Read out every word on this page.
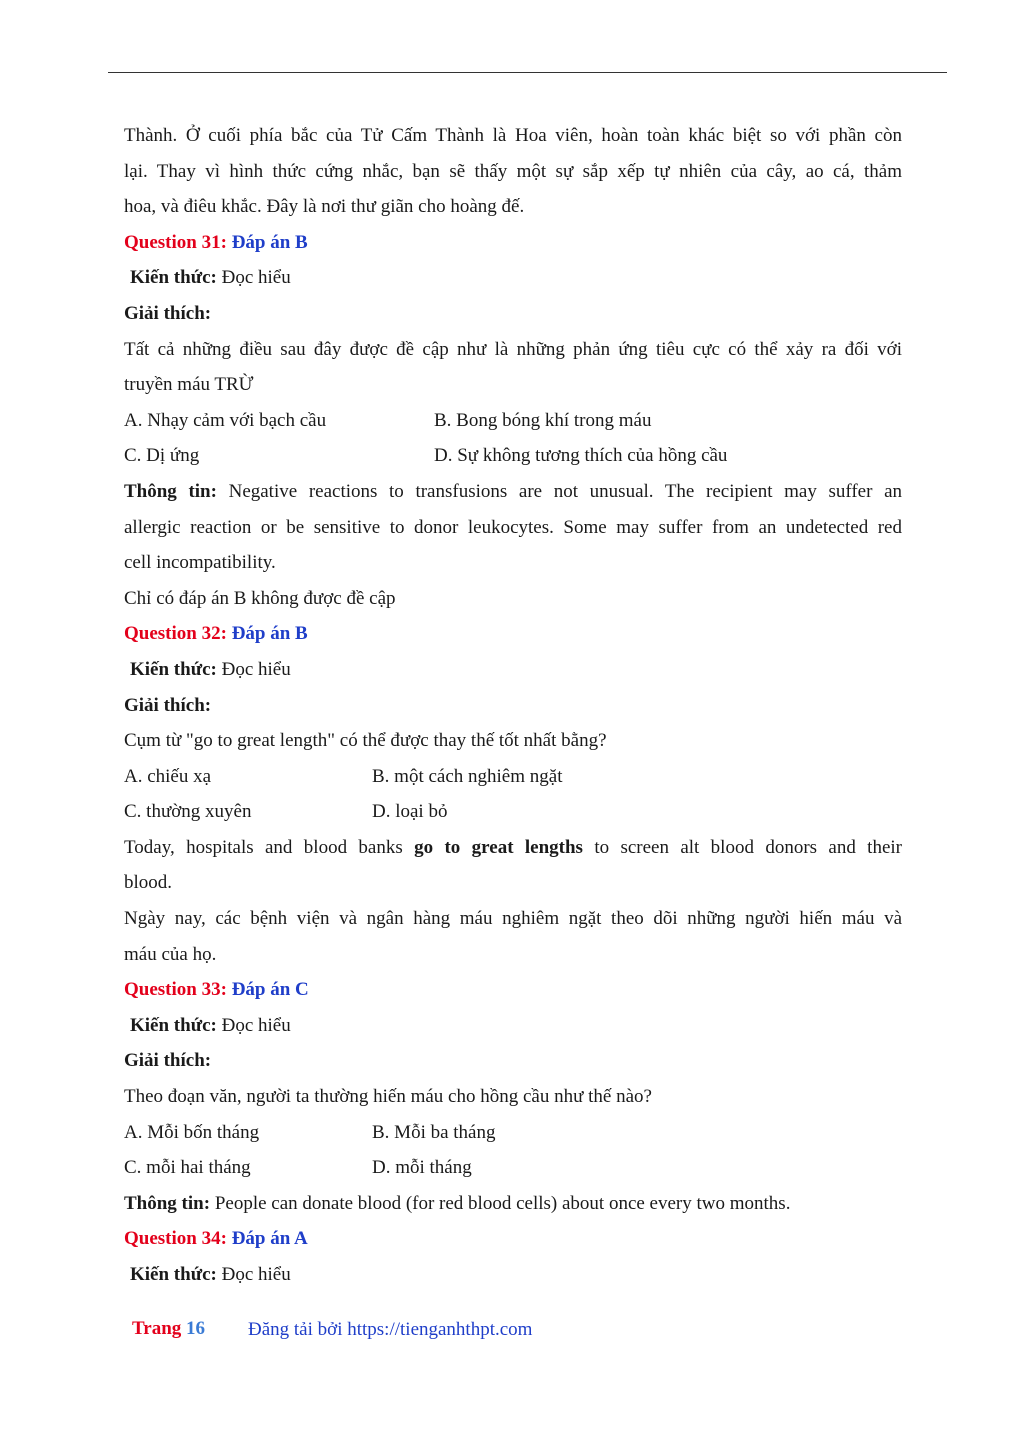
Thành. Ở cuối phía bắc của Tử Cấm Thành là Hoa viên, hoàn toàn khác biệt so với phần còn
lại. Thay vì hình thức cứng nhắc, bạn sẽ thấy một sự sắp xếp tự nhiên của cây, ao cá, thảm
hoa, và điêu khắc. Đây là nơi thư giãn cho hoàng đế.
Question 31: Đáp án B
Kiến thức: Đọc hiểu
Giải thích:
Tất cả những điều sau đây được đề cập như là những phản ứng tiêu cực có thể xảy ra đối với
truyền máu TRỪ
A. Nhạy cảm với bạch cầu	B. Bong bóng khí trong máu
C. Dị ứng	D. Sự không tương thích của hồng cầu
Thông tin: Negative reactions to transfusions are not unusual. The recipient may suffer an
allergic reaction or be sensitive to donor leukocytes. Some may suffer from an undetected red
cell incompatibility.
Chỉ có đáp án B không được đề cập
Question 32: Đáp án B
Kiến thức: Đọc hiểu
Giải thích:
Cụm từ "go to great length" có thể được thay thế tốt nhất bằng?
A. chiếu xạ	B. một cách nghiêm ngặt
C. thường xuyên	D. loại bỏ
Today, hospitals and blood banks go to great lengths to screen alt blood donors and their
blood.
Ngày nay, các bệnh viện và ngân hàng máu nghiêm ngặt theo dõi những người hiến máu và
máu của họ.
Question 33: Đáp án C
Kiến thức: Đọc hiểu
Giải thích:
Theo đoạn văn, người ta thường hiến máu cho hồng cầu như thế nào?
A. Mỗi bốn tháng	B. Mỗi ba tháng
C. mỗi hai tháng	D. mỗi tháng
Thông tin: People can donate blood (for red blood cells) about once every two months.
Question 34: Đáp án A
Kiến thức: Đọc hiểu
Trang 16 Đăng tải bởi https://tienganhthpt.com
